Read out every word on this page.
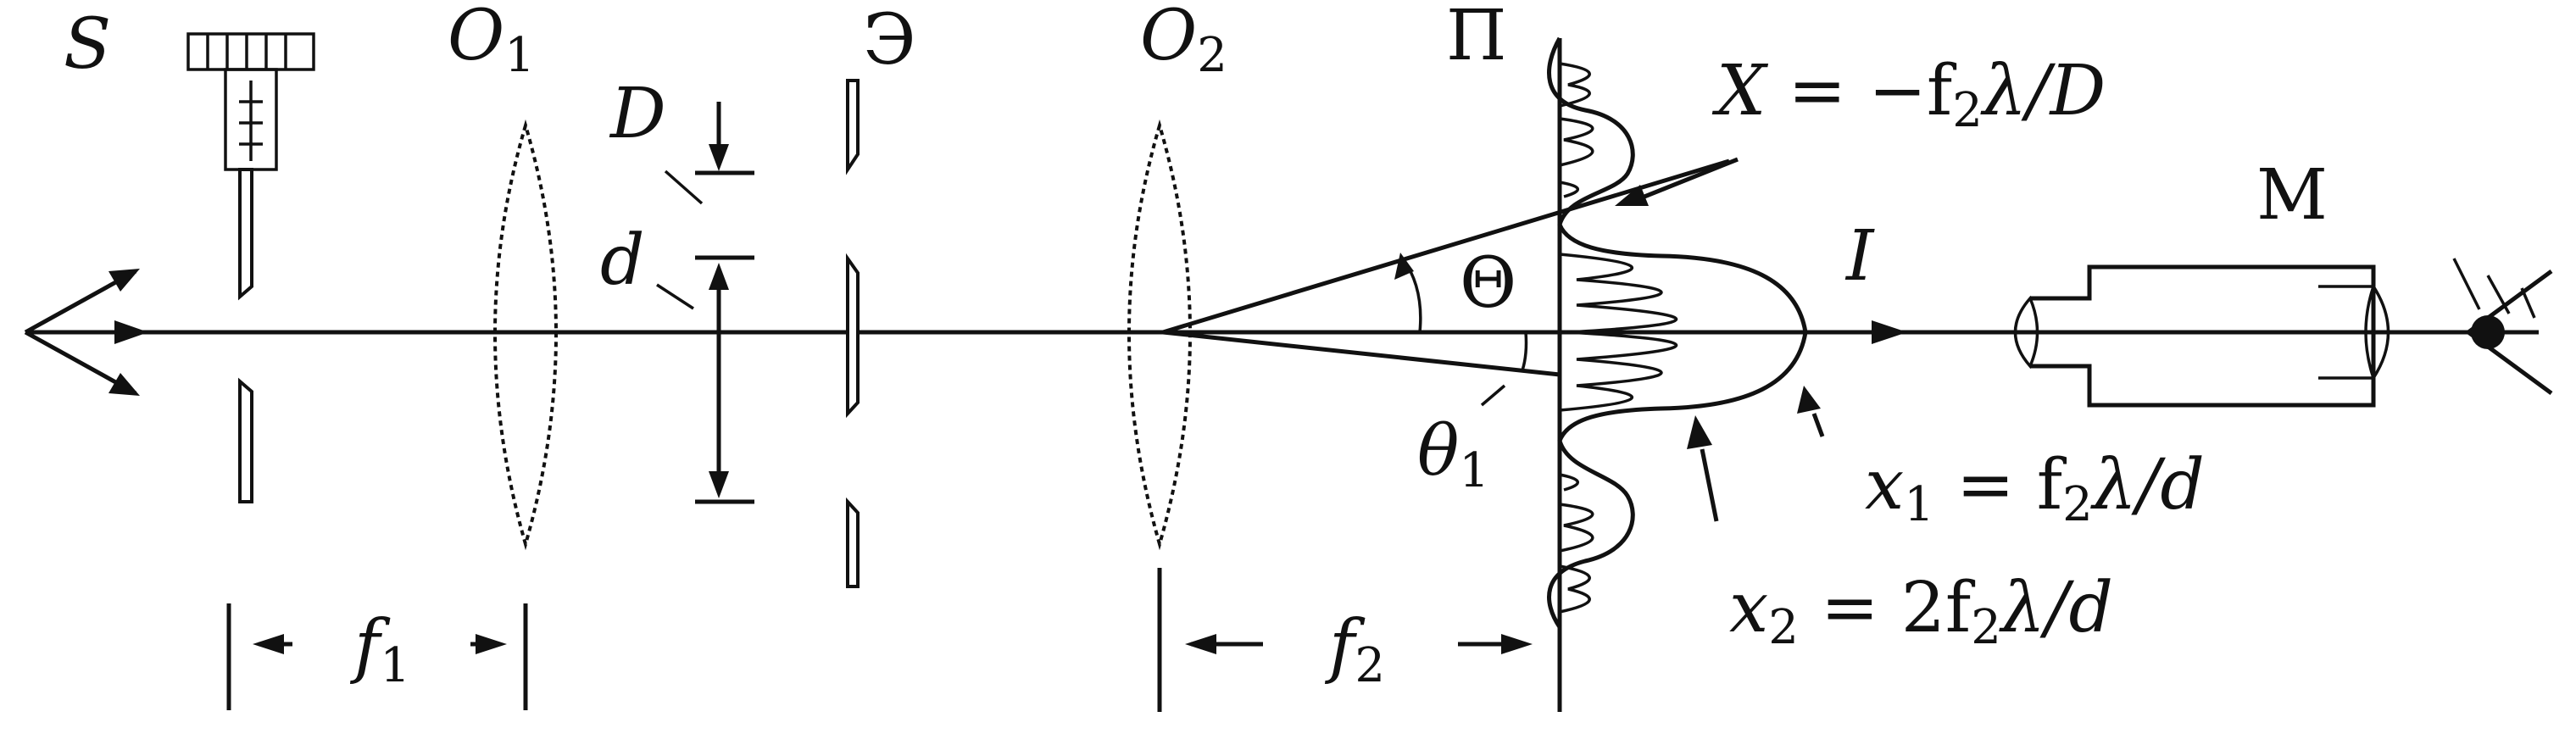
S	O1
D
d
Э	O2
Θ
θ1
П
X = −f2λ/D
x1 = f2λ/d
x2 = 2f2λ/d
I
М
f1	f2
